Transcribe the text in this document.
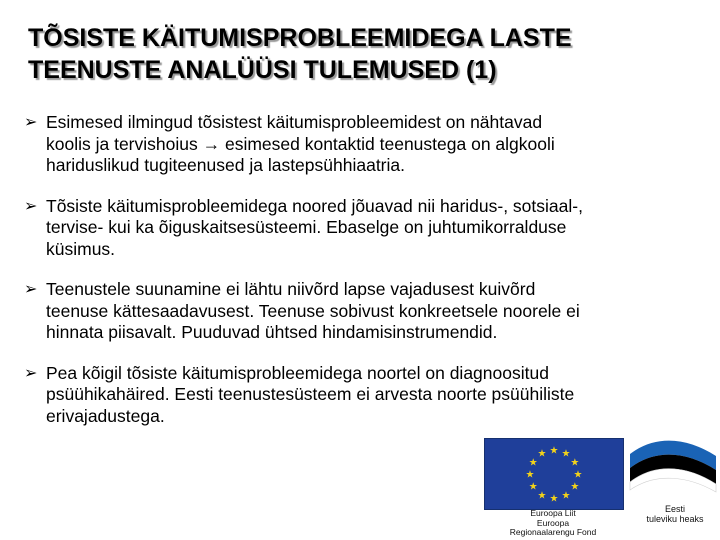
TÕSISTE KÄITUMISPROBLEEMIDEGA LASTE
TEENUSTE ANALÜÜSI TULEMUSED (1)
➢ Esimesed ilmingud tõsistest käitumisprobleemidest on nähtavad
koolis ja tervishoius → esimesed kontaktid teenustega on algkooli
hariduslikud tugiteenused ja lastepsühhiaatria.
➢ Tõsiste käitumisprobleemidega noored jõuavad nii haridus-, sotsiaal-,
tervise- kui ka õiguskaitsesüsteemi. Ebaselge on juhtumikorralduse
küsimus.
➢ Teenustele suunamine ei lähtu niivõrd lapse vajadusest kuivõrd
teenuse kättesaadavusest. Teenuse sobivust konkreetsele noorele ei
hinnata piisavalt. Puuduvad ühtsed hindamisinstrumendid.
➢ Pea kõigil tõsiste käitumisprobleemidega noortel on diagnoositud
psüühikahäired. Eesti teenustesüsteem ei arvesta noorte psüühiliste
erivajadustega.
★ ★
★
★
★
★
★
★
★
★
★
★
Euroopa Liit
Euroopa
Regionaalarengu Fond
Eesti
tuleviku heaks
